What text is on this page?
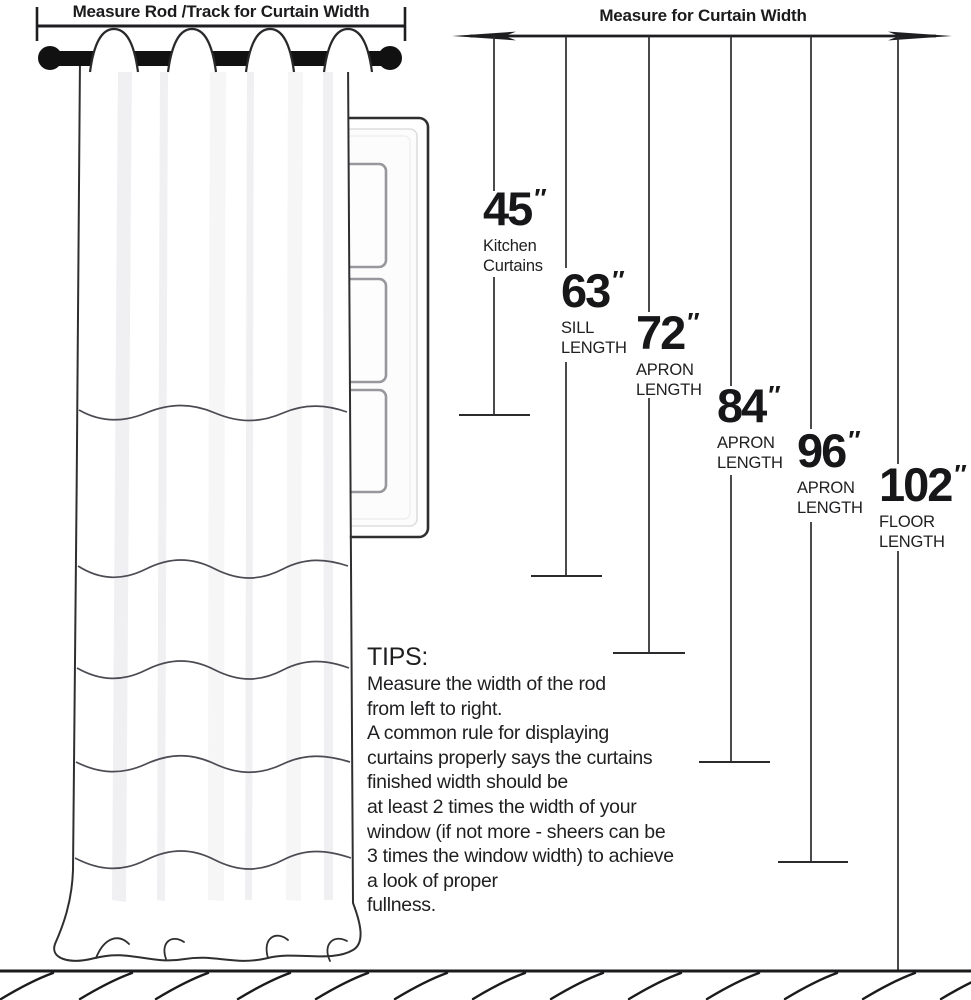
Measure Rod /Track for Curtain Width	Measure for Curtain Width
45 ″
Kitchen
Curtains 63 ″
SILL
LENGTH 72 ″
APRON
LENGTH 84 ″
APRON
LENGTH 96 ″
APRON
LENGTH 102 ″
FLOOR
LENGTH
TIPS:
Measure the width of the rod
from left to right.
A common rule for displaying
curtains properly says the curtains
finished width should be
at least 2 times the width of your
window (if not more - sheers can be
3 times the window width) to achieve
a look of proper
fullness.
